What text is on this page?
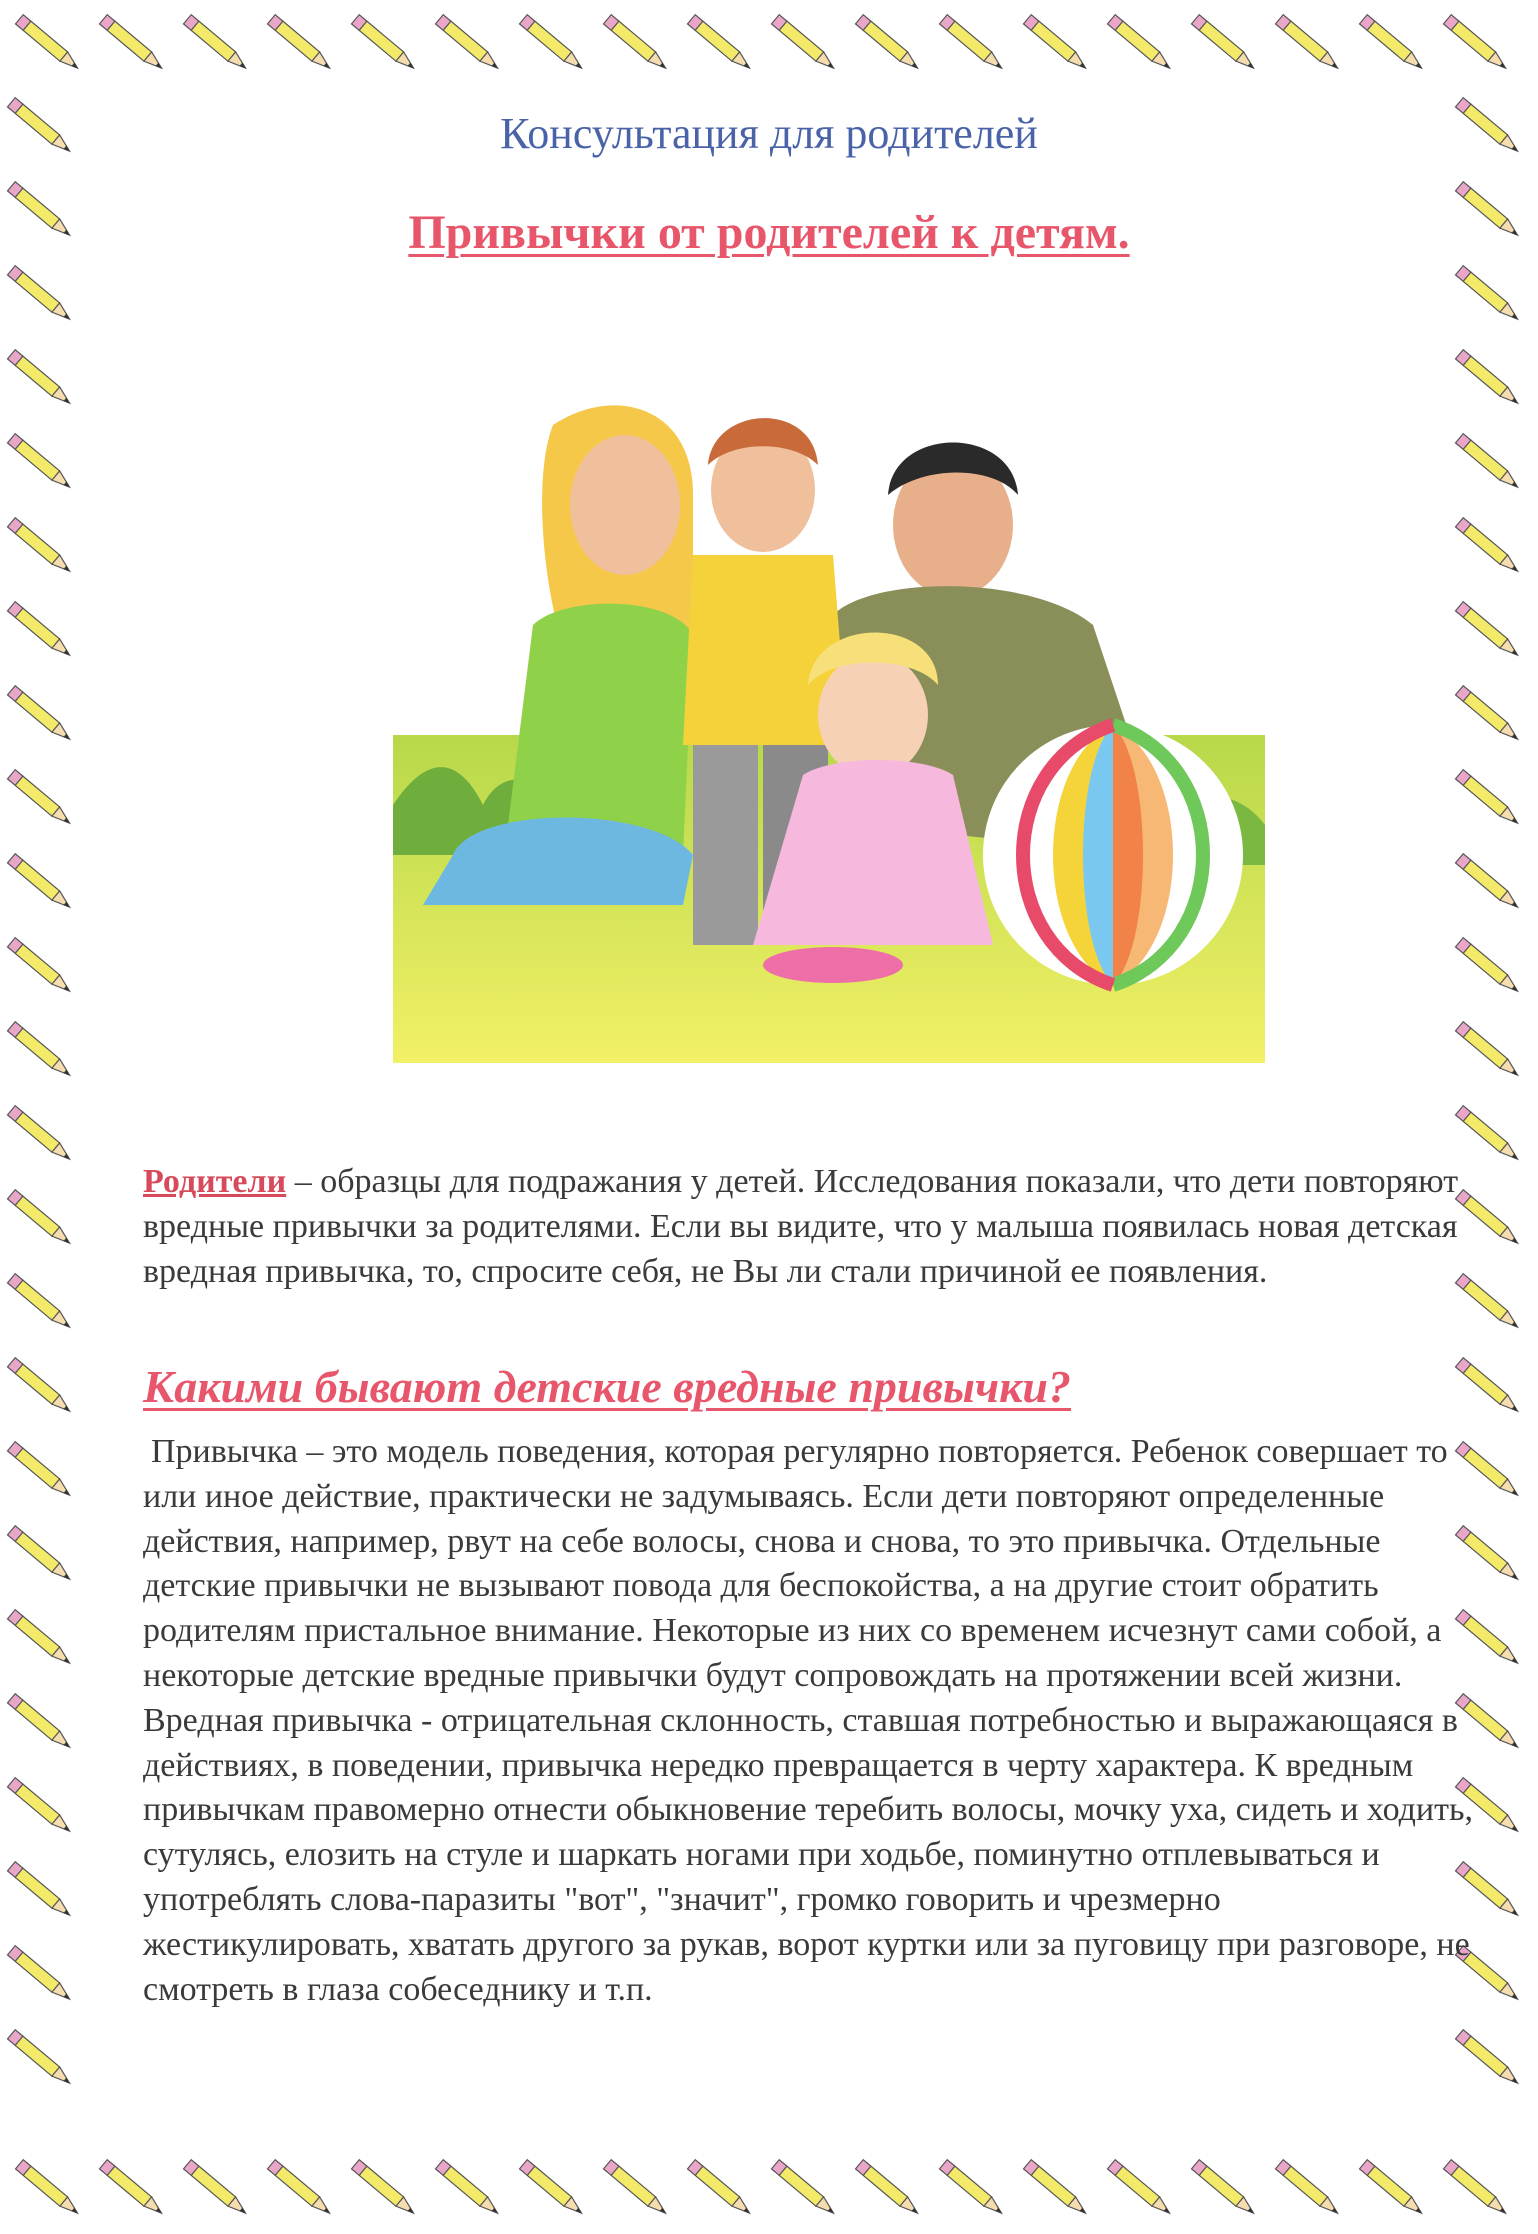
Консультация для родителей
Привычки от родителей к детям.
Родители – образцы для подражания у детей. Исследования показали, что дети повторяют вредные привычки за родителями. Если вы видите, что у малыша появилась новая детская вредная привычка, то, спросите себя, не Вы ли стали причиной ее появления.
Какими бывают детские вредные привычки?
Привычка – это модель поведения, которая регулярно повторяется. Ребенок совершает то или иное действие, практически не задумываясь. Если дети повторяют определенные действия, например, рвут на себе волосы, снова и снова, то это привычка. Отдельные детские привычки не вызывают повода для беспокойства, а на другие стоит обратить родителям пристальное внимание. Некоторые из них со временем исчезнут сами собой, а некоторые детские вредные привычки будут сопровождать на протяжении всей жизни. Вредная привычка - отрицательная склонность, ставшая потребностью и выражающаяся в действиях, в поведении, привычка нередко превращается в черту характера. К вредным привычкам правомерно отнести обыкновение теребить волосы, мочку уха, сидеть и ходить, сутулясь, елозить на стуле и шаркать ногами при ходьбе, поминутно отплевываться и употреблять слова-паразиты "вот", "значит", громко говорить и чрезмерно жестикулировать, хватать другого за рукав, ворот куртки или за пуговицу при разговоре, не смотреть в глаза собеседнику и т.п.
